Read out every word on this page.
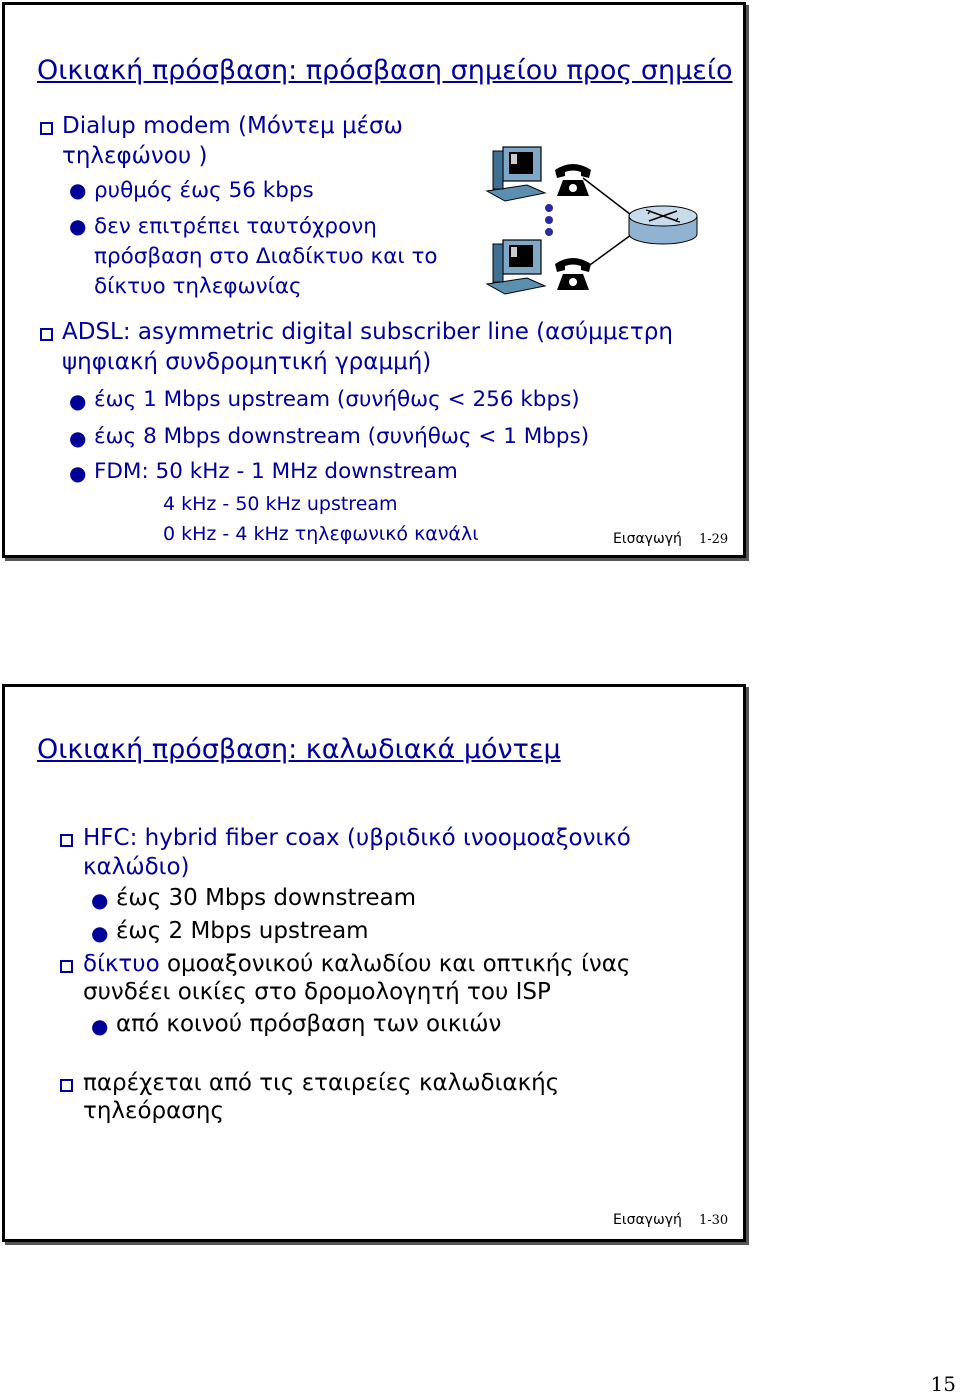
Οικιακή πρόσβαση: πρόσβαση σημείου προς σημείο
Dialup modem (Μόντεμ μέσω
τηλεφώνου )
● ρυθμός έως 56 kbps
● δεν επιτρέπει ταυτόχρονη
πρόσβαση στο Διαδίκτυο και το
δίκτυο τηλεφωνίας
ADSL: asymmetric digital subscriber line (ασύμμετρη
ψηφιακή συνδρομητική γραμμή)
● έως 1 Mbps upstream (συνήθως < 256 kbps)
● έως 8 Mbps downstream (συνήθως < 1 Mbps)
● FDM: 50 kHz - 1 MHz downstream
4 kHz - 50 kHz upstream
0 kHz - 4 kHz τηλεφωνικό κανάλι	Εισαγωγή 1-29
Οικιακή πρόσβαση: καλωδιακά μόντεμ
HFC: hybrid fiber coax (υβριδικό ινοομοαξονικό
καλώδιο)
● έως 30 Mbps downstream
● έως 2 Mbps upstream
δίκτυο ομοαξονικού καλωδίου και οπτικής ίνας
συνδέει οικίες στο δρομολογητή του ISP
● από κοινού πρόσβαση των οικιών
παρέχεται από τις εταιρείες καλωδιακής
τηλεόρασης
Εισαγωγή 1-30
15
